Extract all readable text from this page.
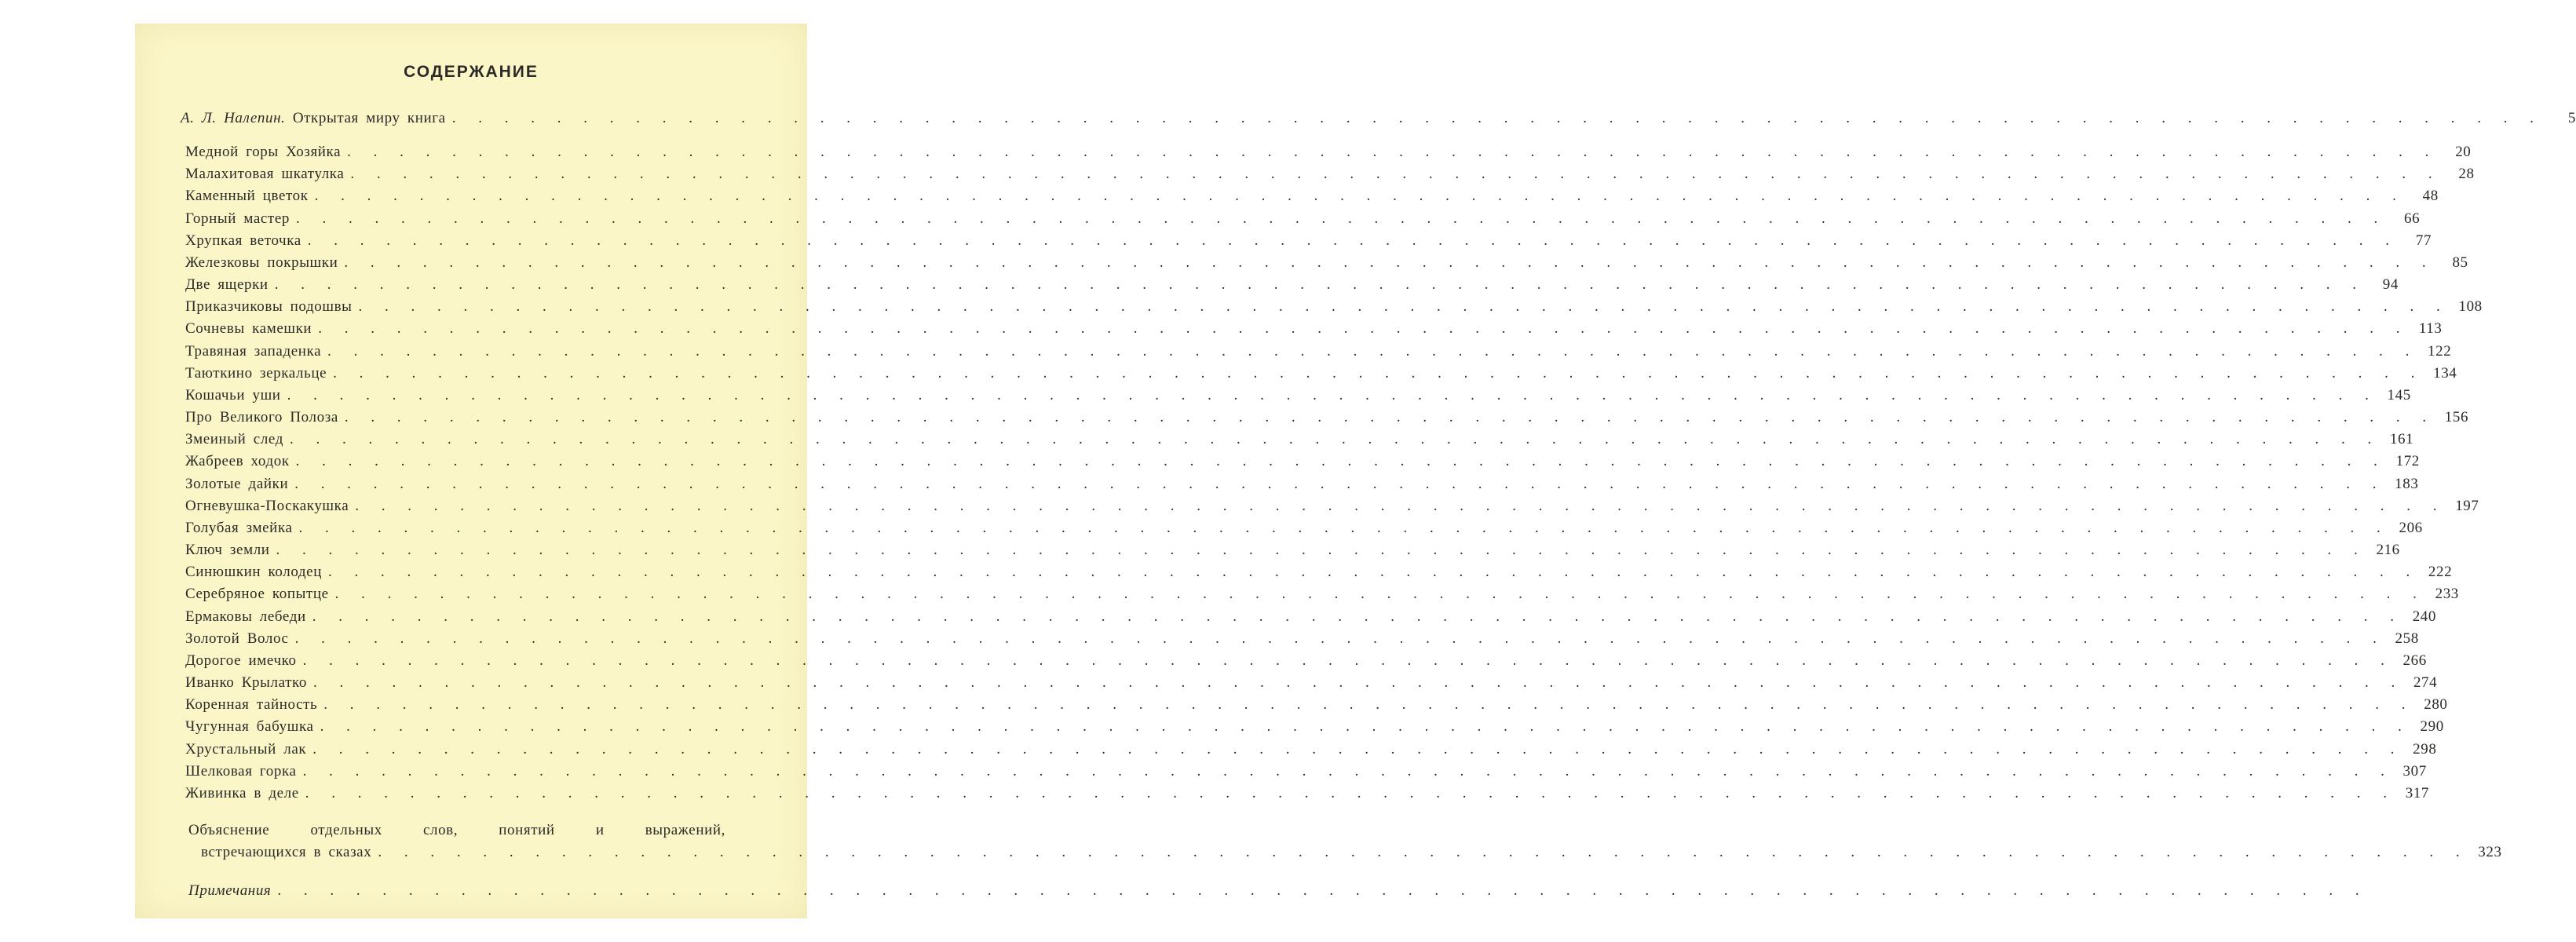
СОДЕРЖАНИЕ
А. Л. Налепин. Открытая миру книга . . . . . . . . . . . . . . . . . . . . . . . . . . . . . . . . . . . . . . . . . . . . . . . . . . . . . . . . . . . . . . . . . . . . . . . . . . . . . . . .	5
Медной горы Хозяйка . . . . . . . . . . . . . . . . . . . . . . . . . . . . . . . . . . . . . . . . . . . . . . . . . . . . . . . . . . . . . . . . . . . . . . . . . . . . . . . .	20
Малахитовая шкатулка . . . . . . . . . . . . . . . . . . . . . . . . . . . . . . . . . . . . . . . . . . . . . . . . . . . . . . . . . . . . . . . . . . . . . . . . . . . . . . . .	28
Каменный цветок . . . . . . . . . . . . . . . . . . . . . . . . . . . . . . . . . . . . . . . . . . . . . . . . . . . . . . . . . . . . . . . . . . . . . . . . . . . . . . . .	48
Горный мастер . . . . . . . . . . . . . . . . . . . . . . . . . . . . . . . . . . . . . . . . . . . . . . . . . . . . . . . . . . . . . . . . . . . . . . . . . . . . . . . .	66
Хрупкая веточка . . . . . . . . . . . . . . . . . . . . . . . . . . . . . . . . . . . . . . . . . . . . . . . . . . . . . . . . . . . . . . . . . . . . . . . . . . . . . . . .	77
Железковы покрышки . . . . . . . . . . . . . . . . . . . . . . . . . . . . . . . . . . . . . . . . . . . . . . . . . . . . . . . . . . . . . . . . . . . . . . . . . . . . . . . .	85
Две ящерки . . . . . . . . . . . . . . . . . . . . . . . . . . . . . . . . . . . . . . . . . . . . . . . . . . . . . . . . . . . . . . . . . . . . . . . . . . . . . . . .	94
Приказчиковы подошвы . . . . . . . . . . . . . . . . . . . . . . . . . . . . . . . . . . . . . . . . . . . . . . . . . . . . . . . . . . . . . . . . . . . . . . . . . . . . . . . . 108
Сочневы камешки . . . . . . . . . . . . . . . . . . . . . . . . . . . . . . . . . . . . . . . . . . . . . . . . . . . . . . . . . . . . . . . . . . . . . . . . . . . . . . . . 113
Травяная западенка . . . . . . . . . . . . . . . . . . . . . . . . . . . . . . . . . . . . . . . . . . . . . . . . . . . . . . . . . . . . . . . . . . . . . . . . . . . . . . . . 122
Таюткино зеркальце . . . . . . . . . . . . . . . . . . . . . . . . . . . . . . . . . . . . . . . . . . . . . . . . . . . . . . . . . . . . . . . . . . . . . . . . . . . . . . . . 134
Кошачьи уши . . . . . . . . . . . . . . . . . . . . . . . . . . . . . . . . . . . . . . . . . . . . . . . . . . . . . . . . . . . . . . . . . . . . . . . . . . . . . . . . 145
Про Великого Полоза . . . . . . . . . . . . . . . . . . . . . . . . . . . . . . . . . . . . . . . . . . . . . . . . . . . . . . . . . . . . . . . . . . . . . . . . . . . . . . . . 156
Змеиный след . . . . . . . . . . . . . . . . . . . . . . . . . . . . . . . . . . . . . . . . . . . . . . . . . . . . . . . . . . . . . . . . . . . . . . . . . . . . . . . . 161
Жабреев ходок . . . . . . . . . . . . . . . . . . . . . . . . . . . . . . . . . . . . . . . . . . . . . . . . . . . . . . . . . . . . . . . . . . . . . . . . . . . . . . . . 172
Золотые дайки . . . . . . . . . . . . . . . . . . . . . . . . . . . . . . . . . . . . . . . . . . . . . . . . . . . . . . . . . . . . . . . . . . . . . . . . . . . . . . . . 183
Огневушка-Поскакушка . . . . . . . . . . . . . . . . . . . . . . . . . . . . . . . . . . . . . . . . . . . . . . . . . . . . . . . . . . . . . . . . . . . . . . . . . . . . . . . . 197
Голубая змейка . . . . . . . . . . . . . . . . . . . . . . . . . . . . . . . . . . . . . . . . . . . . . . . . . . . . . . . . . . . . . . . . . . . . . . . . . . . . . . . . 206
Ключ земли . . . . . . . . . . . . . . . . . . . . . . . . . . . . . . . . . . . . . . . . . . . . . . . . . . . . . . . . . . . . . . . . . . . . . . . . . . . . . . . . 216
Синюшкин колодец . . . . . . . . . . . . . . . . . . . . . . . . . . . . . . . . . . . . . . . . . . . . . . . . . . . . . . . . . . . . . . . . . . . . . . . . . . . . . . . . 222
Серебряное копытце . . . . . . . . . . . . . . . . . . . . . . . . . . . . . . . . . . . . . . . . . . . . . . . . . . . . . . . . . . . . . . . . . . . . . . . . . . . . . . . . 233
Ермаковы лебеди . . . . . . . . . . . . . . . . . . . . . . . . . . . . . . . . . . . . . . . . . . . . . . . . . . . . . . . . . . . . . . . . . . . . . . . . . . . . . . . . 240
Золотой Волос . . . . . . . . . . . . . . . . . . . . . . . . . . . . . . . . . . . . . . . . . . . . . . . . . . . . . . . . . . . . . . . . . . . . . . . . . . . . . . . . 258
Дорогое имечко . . . . . . . . . . . . . . . . . . . . . . . . . . . . . . . . . . . . . . . . . . . . . . . . . . . . . . . . . . . . . . . . . . . . . . . . . . . . . . . . 266
Иванко Крылатко . . . . . . . . . . . . . . . . . . . . . . . . . . . . . . . . . . . . . . . . . . . . . . . . . . . . . . . . . . . . . . . . . . . . . . . . . . . . . . . . 274
Коренная тайность . . . . . . . . . . . . . . . . . . . . . . . . . . . . . . . . . . . . . . . . . . . . . . . . . . . . . . . . . . . . . . . . . . . . . . . . . . . . . . . . 280
Чугунная бабушка . . . . . . . . . . . . . . . . . . . . . . . . . . . . . . . . . . . . . . . . . . . . . . . . . . . . . . . . . . . . . . . . . . . . . . . . . . . . . . . . 290
Хрустальный лак . . . . . . . . . . . . . . . . . . . . . . . . . . . . . . . . . . . . . . . . . . . . . . . . . . . . . . . . . . . . . . . . . . . . . . . . . . . . . . . . 298
Шелковая горка . . . . . . . . . . . . . . . . . . . . . . . . . . . . . . . . . . . . . . . . . . . . . . . . . . . . . . . . . . . . . . . . . . . . . . . . . . . . . . . . 307
Живинка в деле . . . . . . . . . . . . . . . . . . . . . . . . . . . . . . . . . . . . . . . . . . . . . . . . . . . . . . . . . . . . . . . . . . . . . . . . . . . . . . . . 317
Объяснение	отдельных	слов,	понятий	и	выражений,
встречающихся в сказах . . . . . . . . . . . . . . . . . . . . . . . . . . . . . . . . . . . . . . . . . . . . . . . . . . . . . . . . . . . . . . . . . . . . . . . . . . . . . . . . 323
Примечания . . . . . . . . . . . . . . . . . . . . . . . . . . . . . . . . . . . . . . . . . . . . . . . . . . . . . . . . . . . . . . . . . . . . . . . . . . . . . . . .
